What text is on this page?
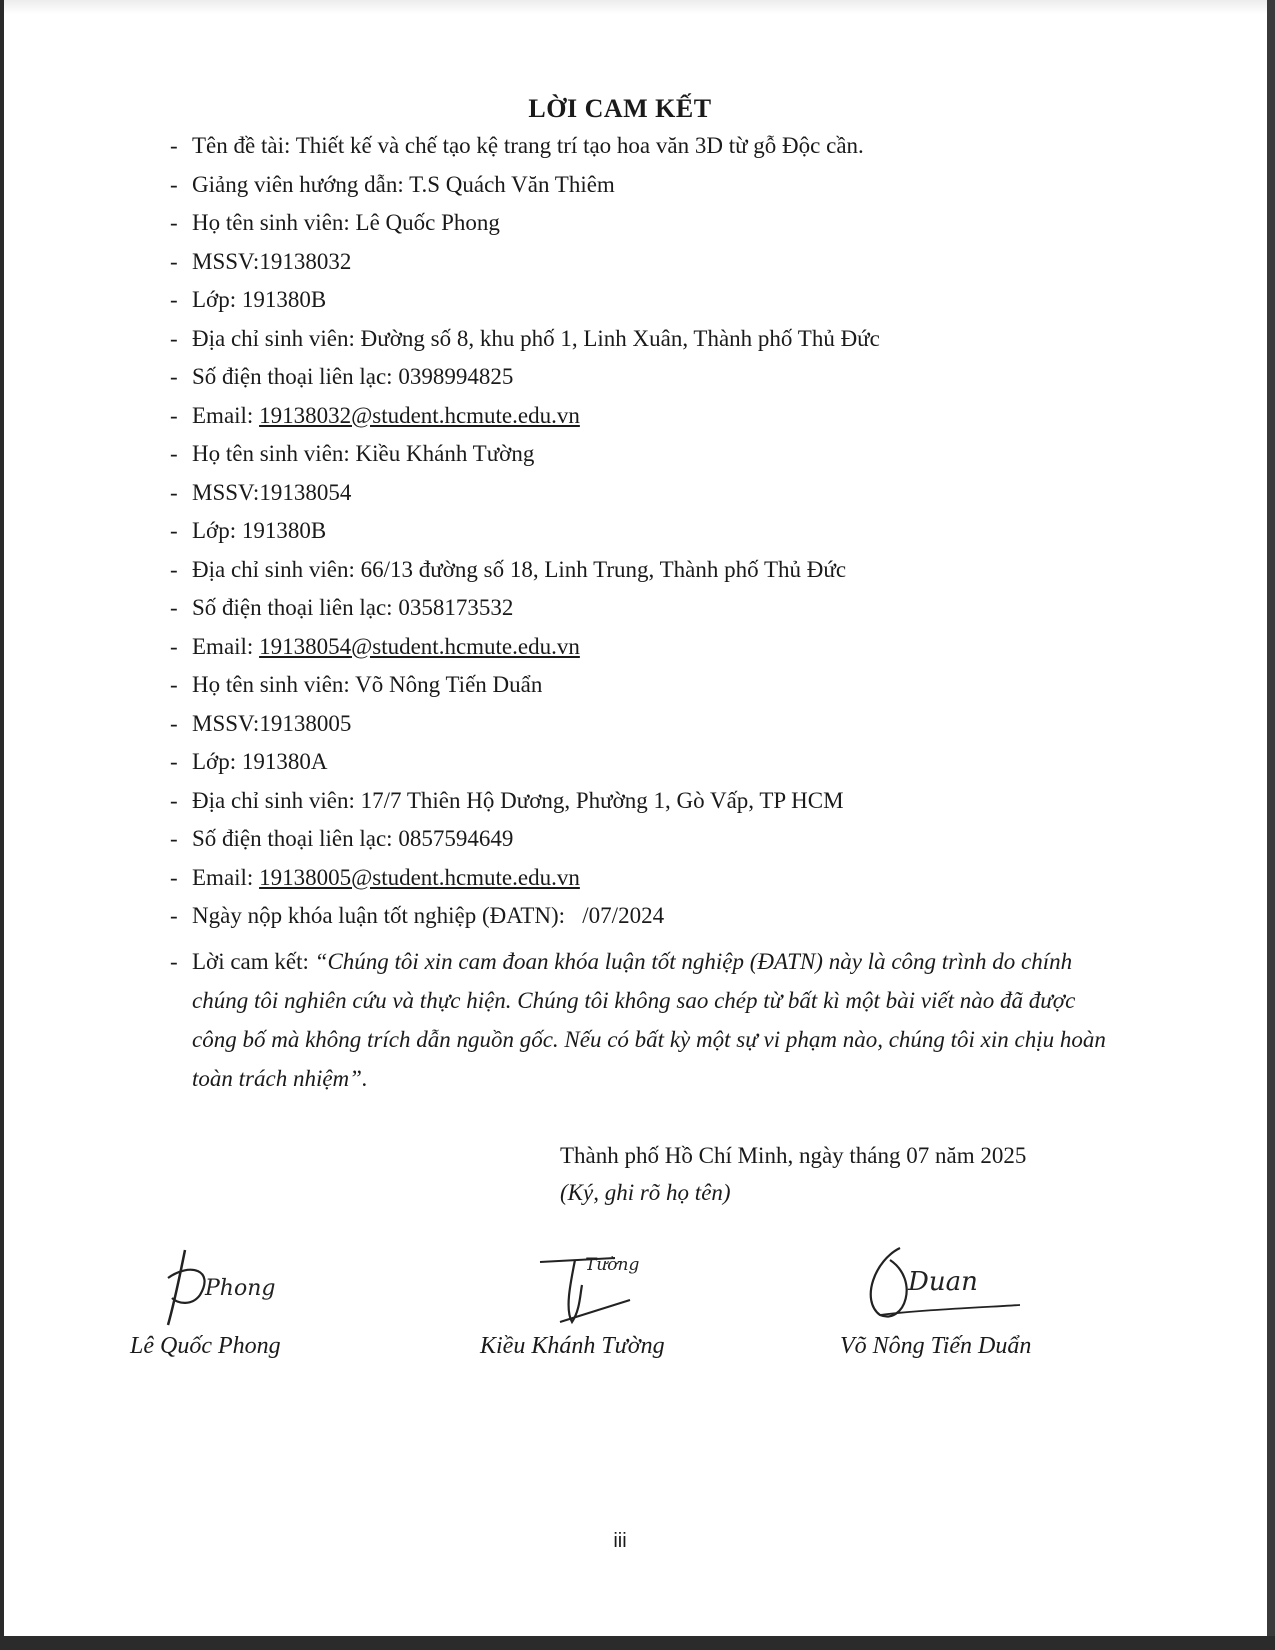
LỜI CAM KẾT
- Tên đề tài: Thiết kế và chế tạo kệ trang trí tạo hoa văn 3D từ gỗ Độc cần.
- Giảng viên hướng dẫn: T.S Quách Văn Thiêm
- Họ tên sinh viên: Lê Quốc Phong
- MSSV:19138032
- Lớp: 191380B
- Địa chỉ sinh viên: Đường số 8, khu phố 1, Linh Xuân, Thành phố Thủ Đức
- Số điện thoại liên lạc: 0398994825
- Email: 19138032@student.hcmute.edu.vn
- Họ tên sinh viên: Kiều Khánh Tường
- MSSV:19138054
- Lớp: 191380B
- Địa chỉ sinh viên: 66/13 đường số 18, Linh Trung, Thành phố Thủ Đức
- Số điện thoại liên lạc: 0358173532
- Email: 19138054@student.hcmute.edu.vn
- Họ tên sinh viên: Võ Nông Tiến Duẩn
- MSSV:19138005
- Lớp: 191380A
- Địa chỉ sinh viên: 17/7 Thiên Hộ Dương, Phường 1, Gò Vấp, TP HCM
- Số điện thoại liên lạc: 0857594649
- Email: 19138005@student.hcmute.edu.vn
- Ngày nộp khóa luận tốt nghiệp (ĐATN): /07/2024
- Lời cam kết: “Chúng tôi xin cam đoan khóa luận tốt nghiệp (ĐATN) này là công trình do chính chúng tôi nghiên cứu và thực hiện. Chúng tôi không sao chép từ bất kì một bài viết nào đã được công bố mà không trích dẫn nguồn gốc. Nếu có bất kỳ một sự vi phạm nào, chúng tôi xin chịu hoàn toàn trách nhiệm”.
Thành phố Hồ Chí Minh, ngày tháng 07 năm 2025
(Ký, ghi rõ họ tên)
Phong
Tường
Duan
Lê Quốc Phong	Kiều Khánh Tường	Võ Nông Tiến Duẩn
iii
